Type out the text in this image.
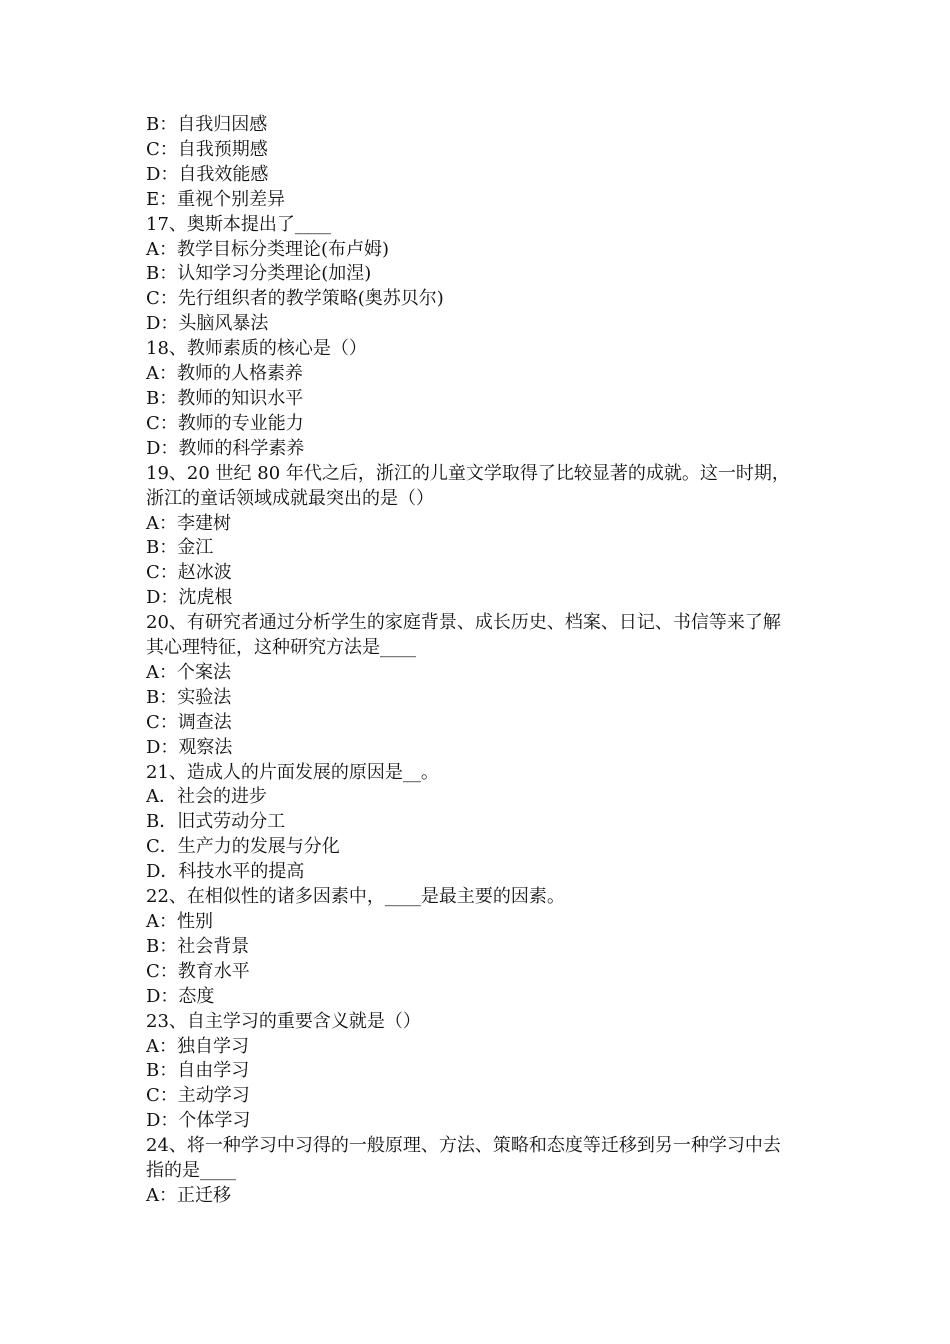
B：自我归因感

C：自我预期感

D：自我效能感

E：重视个别差异

17、奥斯本提出了____

A：教学目标分类理论(布卢姆)

B：认知学习分类理论(加涅)

C：先行组织者的教学策略(奥苏贝尔)

D：头脑风暴法

18、教师素质的核心是（）

A：教师的人格素养

B：教师的知识水平

C：教师的专业能力

D：教师的科学素养

19、20 世纪 80 年代之后，浙江的儿童文学取得了比较显著的成就。这一时期，

浙江的童话领域成就最突出的是（）

A：李建树

B：金江

C：赵冰波

D：沈虎根

20、有研究者通过分析学生的家庭背景、成长历史、档案、日记、书信等来了解

其心理特征，这种研究方法是____

A：个案法

B：实验法

C：调查法

D：观察法

21、造成人的片面发展的原因是__。

A．社会的进步

B．旧式劳动分工

C．生产力的发展与分化

D．科技水平的提高

22、在相似性的诸多因素中，____是最主要的因素。

A：性别

B：社会背景

C：教育水平

D：态度

23、自主学习的重要含义就是（）

A：独自学习

B：自由学习

C：主动学习

D：个体学习

24、将一种学习中习得的一般原理、方法、策略和态度等迁移到另一种学习中去

指的是____

A：正迁移
